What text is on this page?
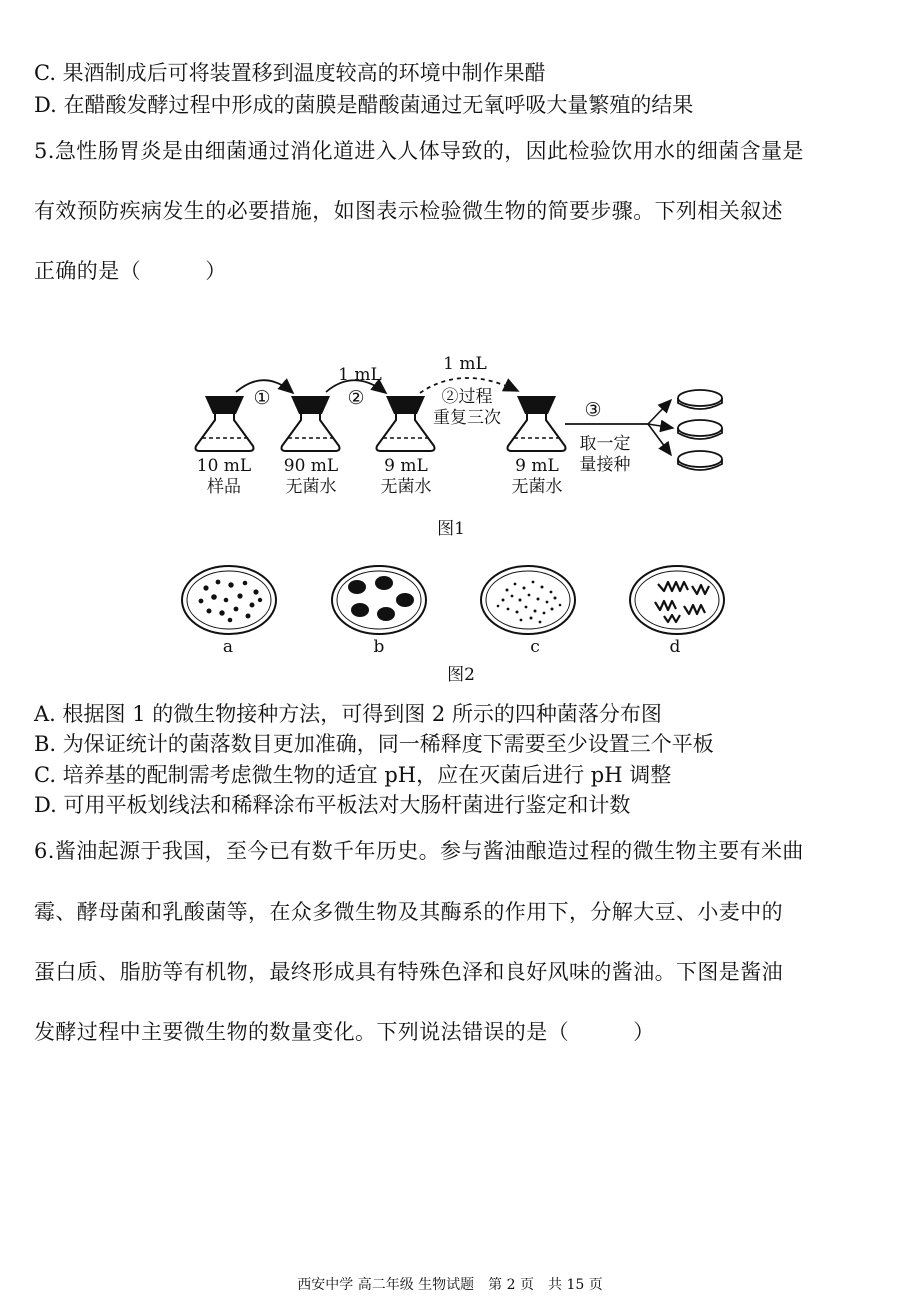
C. 果酒制成后可将装置移到温度较高的环境中制作果醋
D. 在醋酸发酵过程中形成的菌膜是醋酸菌通过无氧呼吸大量繁殖的结果
5.急性肠胃炎是由细菌通过消化道进入人体导致的，因此检验饮用水的细菌含量是
有效预防疾病发生的必要措施，如图表示检验微生物的简要步骤。下列相关叙述
正确的是（　　　）
10 mL
样品
90 mL
无菌水
9 mL
无菌水
9 mL
无菌水
①
1 mL
②
1 mL
②过程
重复三次	③
取一定
量接种
图1
a	b	c	d
图2
A. 根据图 1 的微生物接种方法，可得到图 2 所示的四种菌落分布图
B. 为保证统计的菌落数目更加准确，同一稀释度下需要至少设置三个平板
C. 培养基的配制需考虑微生物的适宜 pH，应在灭菌后进行 pH 调整
D. 可用平板划线法和稀释涂布平板法对大肠杆菌进行鉴定和计数
6.酱油起源于我国，至今已有数千年历史。参与酱油酿造过程的微生物主要有米曲
霉、酵母菌和乳酸菌等，在众多微生物及其酶系的作用下，分解大豆、小麦中的
蛋白质、脂肪等有机物，最终形成具有特殊色泽和良好风味的酱油。下图是酱油
发酵过程中主要微生物的数量变化。下列说法错误的是（　　　）
西安中学 高二年级 生物试题　第 2 页　共 15 页
